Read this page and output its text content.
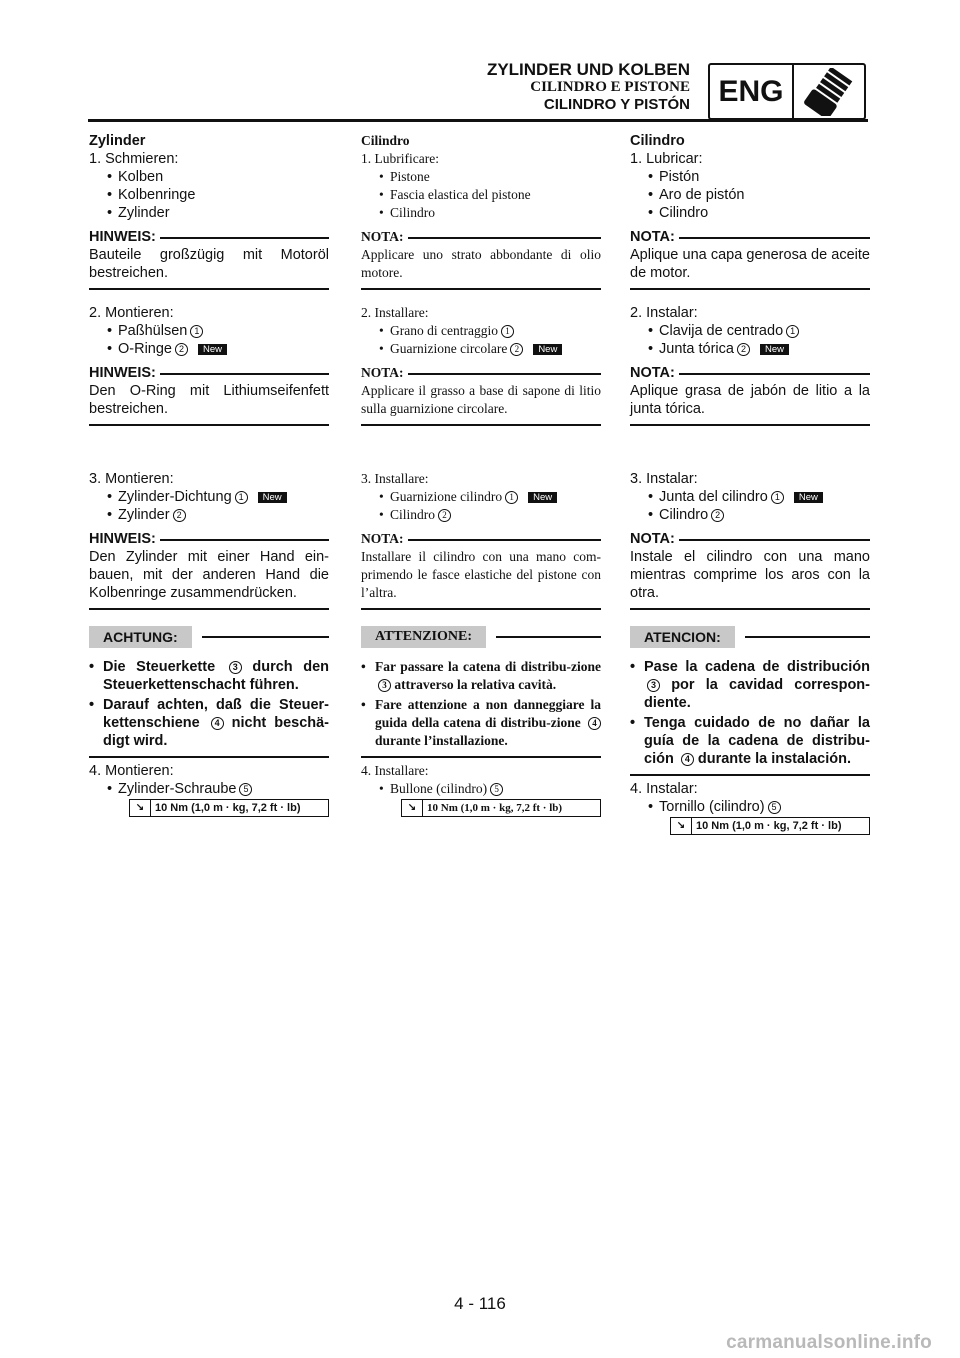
ZYLINDER UND KOLBEN
CILINDRO E PISTONE
CILINDRO Y PISTÓN ENG
Zylinder
1. Schmieren:
• Kolben
• Kolbenringe
• Zylinder
HINWEIS:
Bauteile großzügig mit Motoröl bestreichen.
2. Montieren:
• Paßhülsen 1
• O-Ringe 2 New
HINWEIS:
Den O-Ring mit Lithiumseifenfett bestreichen.
3. Montieren:
• Zylinder-Dichtung 1 New
• Zylinder 2
HINWEIS:
Den Zylinder mit einer Hand ein-bauen, mit der anderen Hand die Kolbenringe zusammendrücken.
ACHTUNG:
• Die Steuerkette 3 durch den Steuerkettenschacht führen.
• Darauf achten, daß die Steuer-kettenschiene 4 nicht beschä-digt wird.
4. Montieren:
• Zylinder-Schraube 5
↘ 10 Nm (1,0 m · kg, 7,2 ft · lb)
Cilindro
1. Lubrificare:
• Pistone
• Fascia elastica del pistone
• Cilindro
NOTA:
Applicare uno strato abbondante di olio motore.
2. Installare:
• Grano di centraggio 1
• Guarnizione circolare 2 New
NOTA:
Applicare il grasso a base di sapone di litio sulla guarnizione circolare.
3. Installare:
• Guarnizione cilindro 1 New
• Cilindro 2
NOTA:
Installare il cilindro con una mano com-primendo le fasce elastiche del pistone con l’altra.
ATTENZIONE:
• Far passare la catena di distribu-zione 3 attraverso la relativa cavità.
• Fare attenzione a non danneggiare la guida della catena di distribu-zione 4 durante l’installazione.
4. Installare:
• Bullone (cilindro) 5
↘ 10 Nm (1,0 m · kg, 7,2 ft · lb)
Cilindro
1. Lubricar:
• Pistón
• Aro de pistón
• Cilindro
NOTA:
Aplique una capa generosa de aceite de motor.
2. Instalar:
• Clavija de centrado 1
• Junta tórica 2 New
NOTA:
Aplique grasa de jabón de litio a la junta tórica.
3. Instalar:
• Junta del cilindro 1 New
• Cilindro 2
NOTA:
Instale el cilindro con una mano mientras comprime los aros con la otra.
ATENCION:
• Pase la cadena de distribución 3 por la cavidad correspon-diente.
• Tenga cuidado de no dañar la guía de la cadena de distribu-ción 4 durante la instalación.
4. Instalar:
• Tornillo (cilindro) 5
↘ 10 Nm (1,0 m · kg, 7,2 ft · lb)
4 - 116
carmanualsonline.info
